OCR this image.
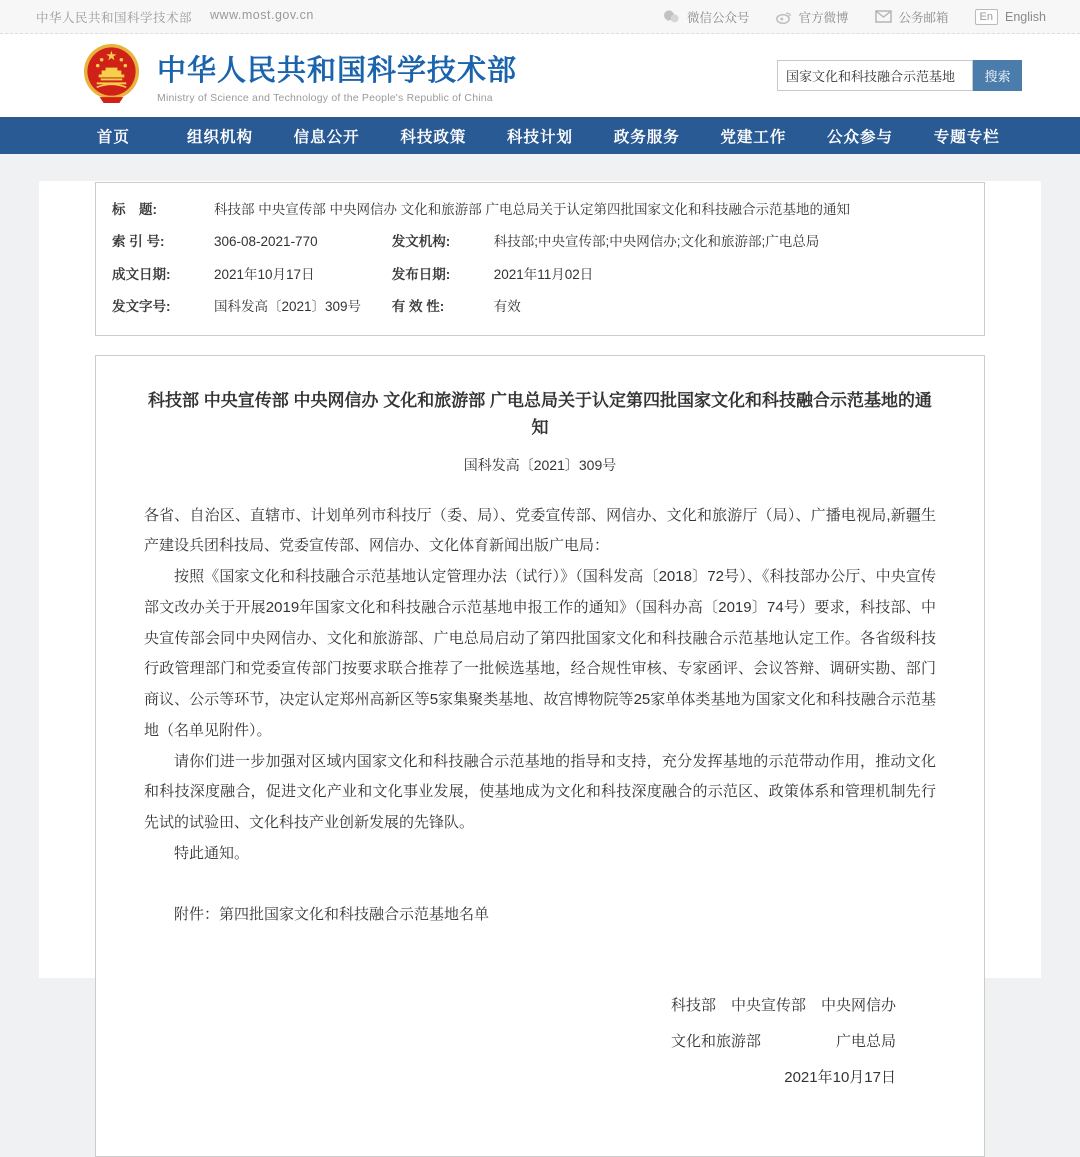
中华人民共和国科学技术部 www.most.gov.cn	微信公众号	官方微博	公务邮箱	En English
中华人民共和国科学技术部
Ministry of Science and Technology of the People's Republic of China
国家文化和科技融合示范基地
搜索
首页	组织机构	信息公开	科技政策	科技计划	政务服务	党建工作	公众参与	专题专栏
标　题:	科技部 中央宣传部 中央网信办 文化和旅游部 广电总局关于认定第四批国家文化和科技融合示范基地的通知
索 引 号:	306-08-2021-770	发文机构:	科技部;中央宣传部;中央网信办;文化和旅游部;广电总局
成文日期:	2021年10月17日	发布日期:	2021年11月02日
发文字号:	国科发高〔2021〕309号 有 效 性:	有效
科技部 中央宣传部 中央网信办 文化和旅游部 广电总局关于认定第四批国家文化和科技融合示范基地的通知
国科发高〔2021〕309号

各省、自治区、直辖市、计划单列市科技厅（委、局）、党委宣传部、网信办、文化和旅游厅（局）、广播电视局,新疆生产建设兵团科技局、党委宣传部、网信办、文化体育新闻出版广电局：

按照《国家文化和科技融合示范基地认定管理办法（试行）》（国科发高〔2018〕72号）、《科技部办公厅、中央宣传部文改办关于开展2019年国家文化和科技融合示范基地申报工作的通知》（国科办高〔2019〕74号）要求，科技部、中央宣传部会同中央网信办、文化和旅游部、广电总局启动了第四批国家文化和科技融合示范基地认定工作。各省级科技行政管理部门和党委宣传部门按要求联合推荐了一批候选基地，经合规性审核、专家函评、会议答辩、调研实勘、部门商议、公示等环节，决定认定郑州高新区等5家集聚类基地、故宫博物院等25家单体类基地为国家文化和科技融合示范基地（名单见附件）。

请你们进一步加强对区域内国家文化和科技融合示范基地的指导和支持，充分发挥基地的示范带动作用，推动文化和科技深度融合，促进文化产业和文化事业发展，使基地成为文化和科技深度融合的示范区、政策体系和管理机制先行先试的试验田、文化科技产业创新发展的先锋队。

特此通知。

附件：第四批国家文化和科技融合示范基地名单

科技部　中央宣传部　中央网信办
文化和旅游部　　　　　广电总局
2021年10月17日
